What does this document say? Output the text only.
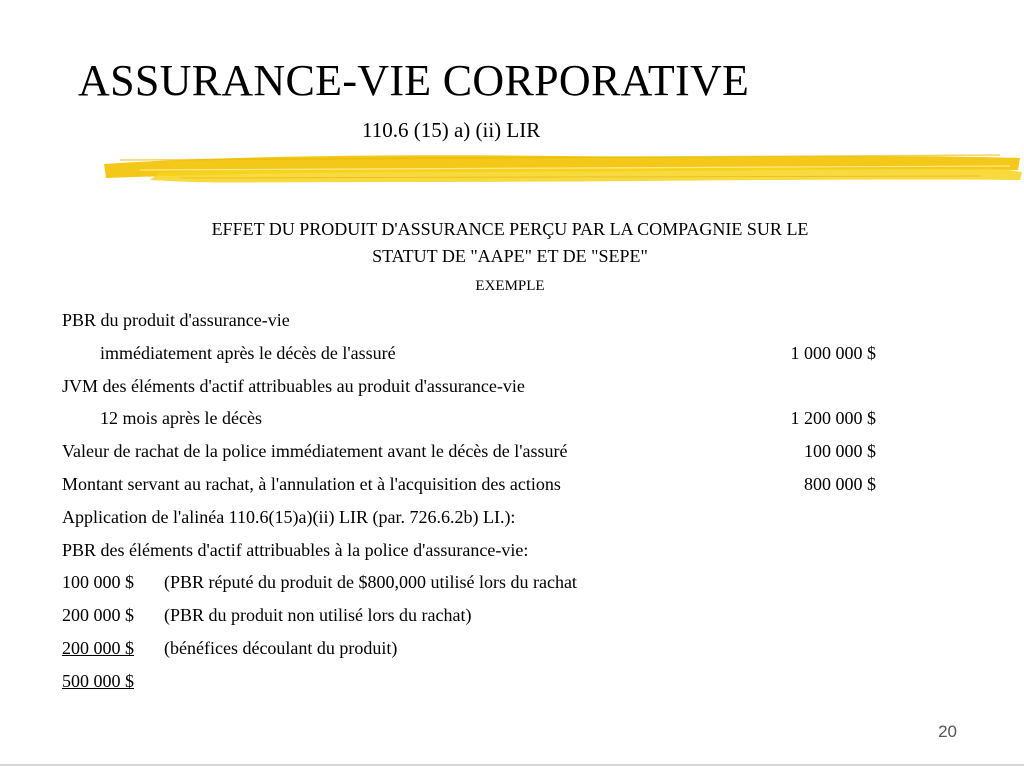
ASSURANCE-VIE CORPORATIVE
110.6 (15) a) (ii) LIR
EFFET DU PRODUIT D'ASSURANCE PERÇU PAR LA COMPAGNIE SUR LE
STATUT DE "AAPE" ET DE "SEPE"
EXEMPLE
PBR du produit d'assurance-vie
immédiatement après le décès de l'assuré	1 000 000 $
JVM des éléments d'actif attribuables au produit d'assurance-vie
12 mois après le décès	1 200 000 $
Valeur de rachat de la police immédiatement avant le décès de l'assuré	100 000 $
Montant servant au rachat, à l'annulation et à l'acquisition des actions	800 000 $
Application de l'alinéa 110.6(15)a)(ii) LIR (par. 726.6.2b) LI.):
PBR des éléments d'actif attribuables à la police d'assurance-vie:
100 000 $ (PBR réputé du produit de $800,000 utilisé lors du rachat
200 000 $ (PBR du produit non utilisé lors du rachat)
200 000 $ (bénéfices découlant du produit)
500 000 $
20
